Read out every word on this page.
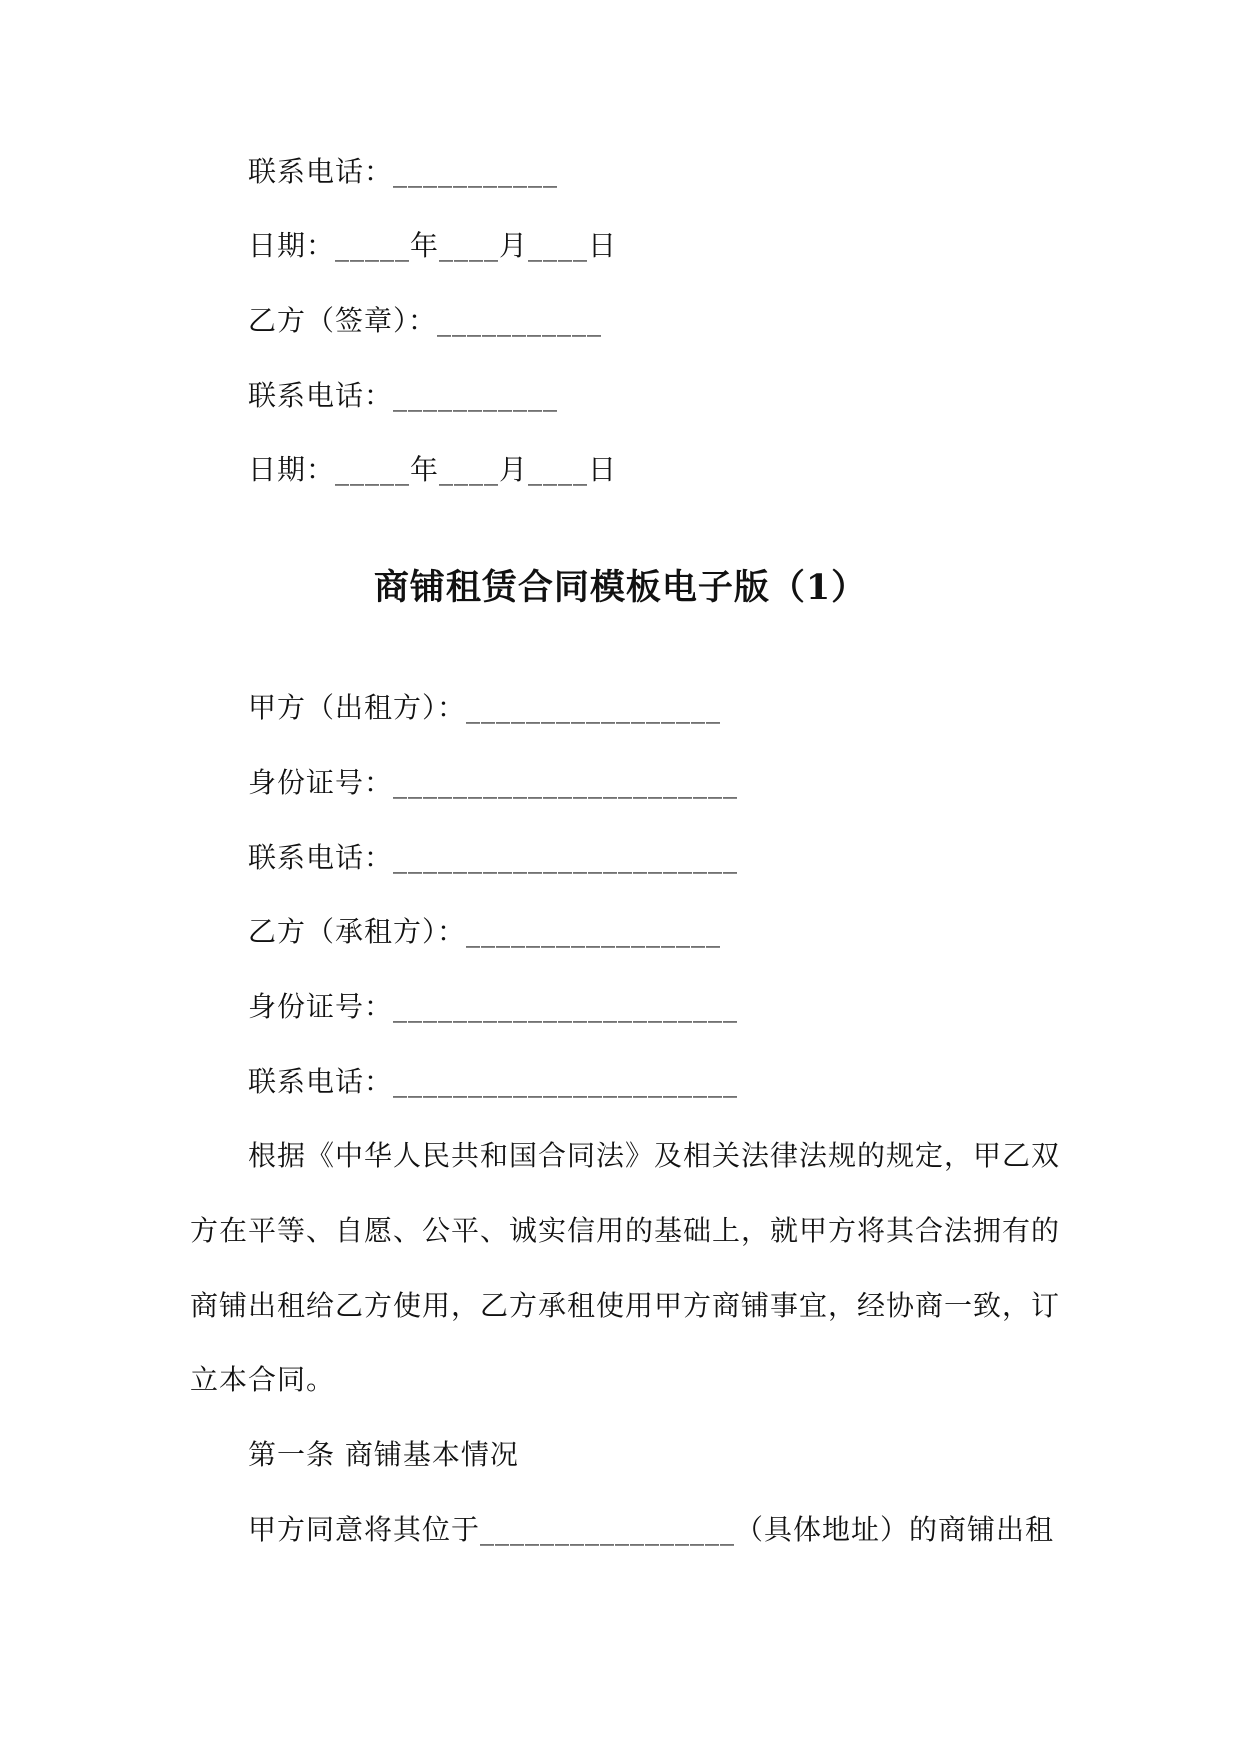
联系电话：___________
日期：_____年____月____日
乙方（签章）：___________
联系电话：___________
日期：_____年____月____日
商铺租赁合同模板电子版（1）
甲方（出租方）：_________________
身份证号：_______________________
联系电话：_______________________
乙方（承租方）：_________________
身份证号：_______________________
联系电话：_______________________
根据《中华人民共和国合同法》及相关法律法规的规定，甲乙双
方在平等、自愿、公平、诚实信用的基础上，就甲方将其合法拥有的
商铺出租给乙方使用，乙方承租使用甲方商铺事宜，经协商一致，订
立本合同。
第一条 商铺基本情况
甲方同意将其位于_________________（具体地址）的商铺出租
